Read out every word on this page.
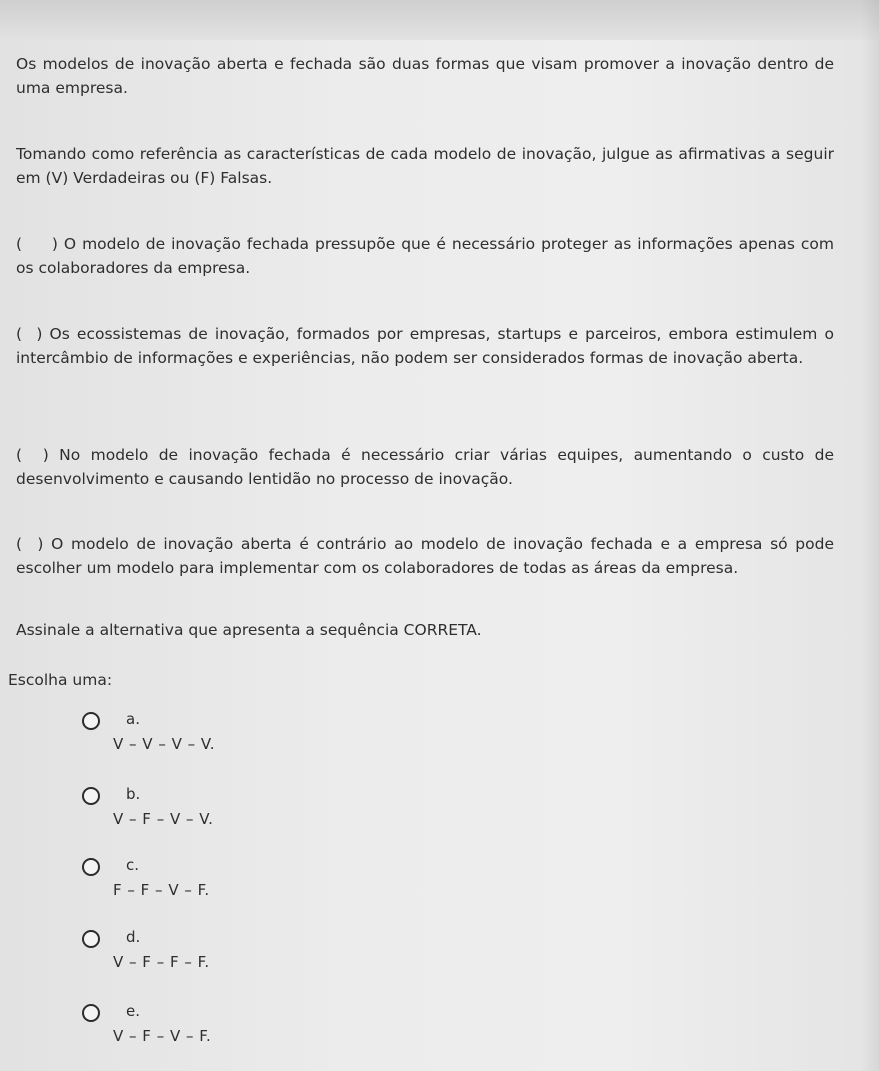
Os modelos de inovação aberta e fechada são duas formas que visam promover a inovação dentro de uma empresa.
Tomando como referência as características de cada modelo de inovação, julgue as afirmativas a seguir em (V) Verdadeiras ou (F) Falsas.
(     ) O modelo de inovação fechada pressupõe que é necessário proteger as informações apenas com os colaboradores da empresa.
(  ) Os ecossistemas de inovação, formados por empresas, startups e parceiros, embora estimulem o intercâmbio de informações e experiências, não podem ser considerados formas de inovação aberta.
(  ) No modelo de inovação fechada é necessário criar várias equipes, aumentando o custo de desenvolvimento e causando lentidão no processo de inovação.
(  ) O modelo de inovação aberta é contrário ao modelo de inovação fechada e a empresa só pode escolher um modelo para implementar com os colaboradores de todas as áreas da empresa.
Assinale a alternativa que apresenta a sequência CORRETA.
Escolha uma:
a.
V – V – V – V.
b.
V – F – V – V.
c.
F – F – V – F.
d.
V – F – F – F.
e.
V – F – V – F.
